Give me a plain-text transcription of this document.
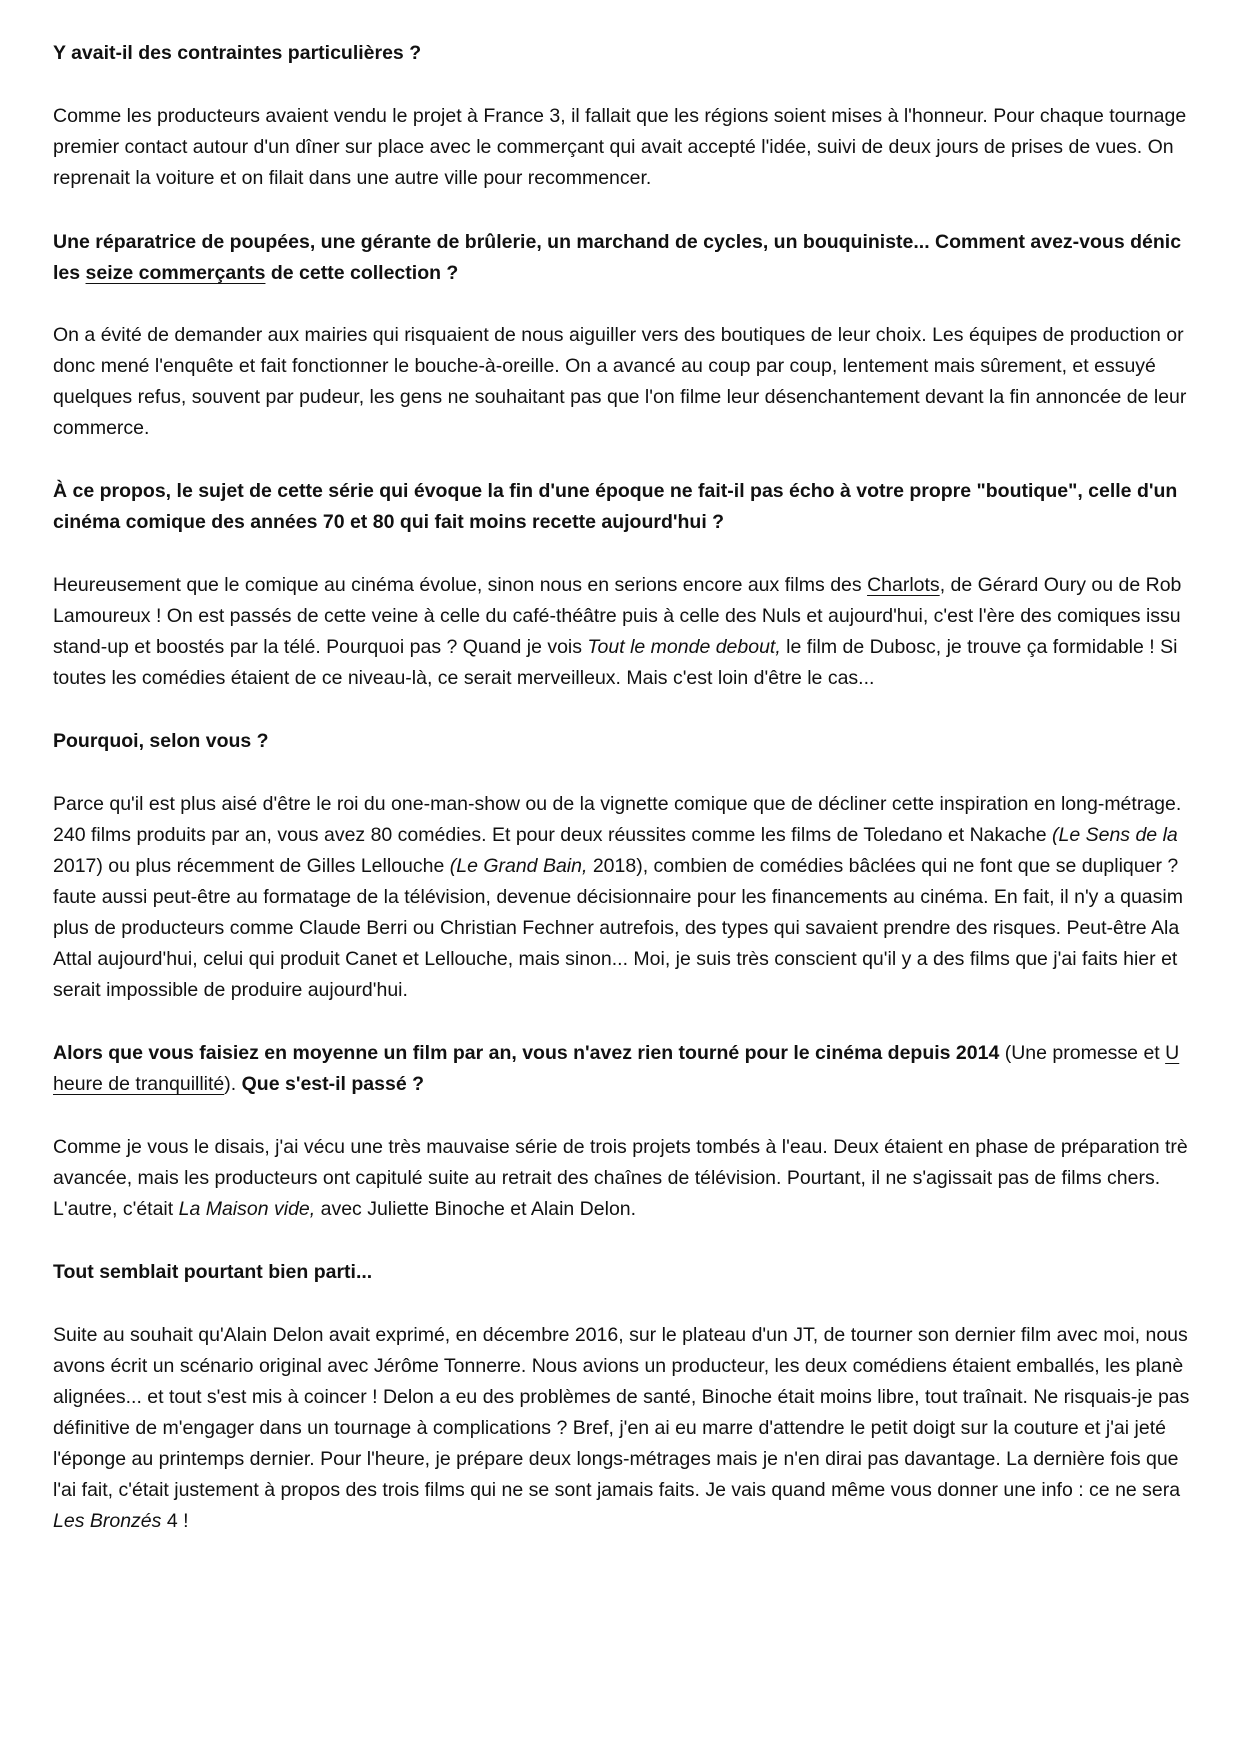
Y avait-il des contraintes particulières ?
Comme les producteurs avaient vendu le projet à France 3, il fallait que les régions soient mises à l'honneur. Pour chaque tournage
premier contact autour d'un dîner sur place avec le commerçant qui avait accepté l'idée, suivi de deux jours de prises de vues. On
reprenait la voiture et on filait dans une autre ville pour recommencer.
Une réparatrice de poupées, une gérante de brûlerie, un marchand de cycles, un bouquiniste... Comment avez-vous dénic
les seize commerçants de cette collection ?
On a évité de demander aux mairies qui risquaient de nous aiguiller vers des boutiques de leur choix. Les équipes de production or
donc mené l'enquête et fait fonctionner le bouche-à-oreille. On a avancé au coup par coup, lentement mais sûrement, et essuyé
quelques refus, souvent par pudeur, les gens ne souhaitant pas que l'on filme leur désenchantement devant la fin annoncée de leur
commerce.
À ce propos, le sujet de cette série qui évoque la fin d'une époque ne fait-il pas écho à votre propre "boutique", celle d'un
cinéma comique des années 70 et 80 qui fait moins recette aujourd'hui ?
Heureusement que le comique au cinéma évolue, sinon nous en serions encore aux films des Charlots, de Gérard Oury ou de Rob
Lamoureux ! On est passés de cette veine à celle du café-théâtre puis à celle des Nuls et aujourd'hui, c'est l'ère des comiques issu
stand-up et boostés par la télé. Pourquoi pas ? Quand je vois Tout le monde debout, le film de Dubosc, je trouve ça formidable ! Si
toutes les comédies étaient de ce niveau-là, ce serait merveilleux. Mais c'est loin d'être le cas...
Pourquoi, selon vous ?
Parce qu'il est plus aisé d'être le roi du one-man-show ou de la vignette comique que de décliner cette inspiration en long-métrage.
240 films produits par an, vous avez 80 comédies. Et pour deux réussites comme les films de Toledano et Nakache (Le Sens de la
2017) ou plus récemment de Gilles Lellouche (Le Grand Bain, 2018), combien de comédies bâclées qui ne font que se dupliquer ?
faute aussi peut-être au formatage de la télévision, devenue décisionnaire pour les financements au cinéma. En fait, il n'y a quasim
plus de producteurs comme Claude Berri ou Christian Fechner autrefois, des types qui savaient prendre des risques. Peut-être Ala
Attal aujourd'hui, celui qui produit Canet et Lellouche, mais sinon... Moi, je suis très conscient qu'il y a des films que j'ai faits hier et
serait impossible de produire aujourd'hui.
Alors que vous faisiez en moyenne un film par an, vous n'avez rien tourné pour le cinéma depuis 2014 (Une promesse et U
heure de tranquillité). Que s'est-il passé ?
Comme je vous le disais, j'ai vécu une très mauvaise série de trois projets tombés à l'eau. Deux étaient en phase de préparation trè
avancée, mais les producteurs ont capitulé suite au retrait des chaînes de télévision. Pourtant, il ne s'agissait pas de films chers.
L'autre, c'était La Maison vide, avec Juliette Binoche et Alain Delon.
Tout semblait pourtant bien parti...
Suite au souhait qu'Alain Delon avait exprimé, en décembre 2016, sur le plateau d'un JT, de tourner son dernier film avec moi, nous
avons écrit un scénario original avec Jérôme Tonnerre. Nous avions un producteur, les deux comédiens étaient emballés, les planè
alignées... et tout s'est mis à coincer ! Delon a eu des problèmes de santé, Binoche était moins libre, tout traînait. Ne risquais-je pas
définitive de m'engager dans un tournage à complications ? Bref, j'en ai eu marre d'attendre le petit doigt sur la couture et j'ai jeté
l'éponge au printemps dernier. Pour l'heure, je prépare deux longs-métrages mais je n'en dirai pas davantage. La dernière fois que
l'ai fait, c'était justement à propos des trois films qui ne se sont jamais faits. Je vais quand même vous donner une info : ce ne sera
Les Bronzés 4 !
